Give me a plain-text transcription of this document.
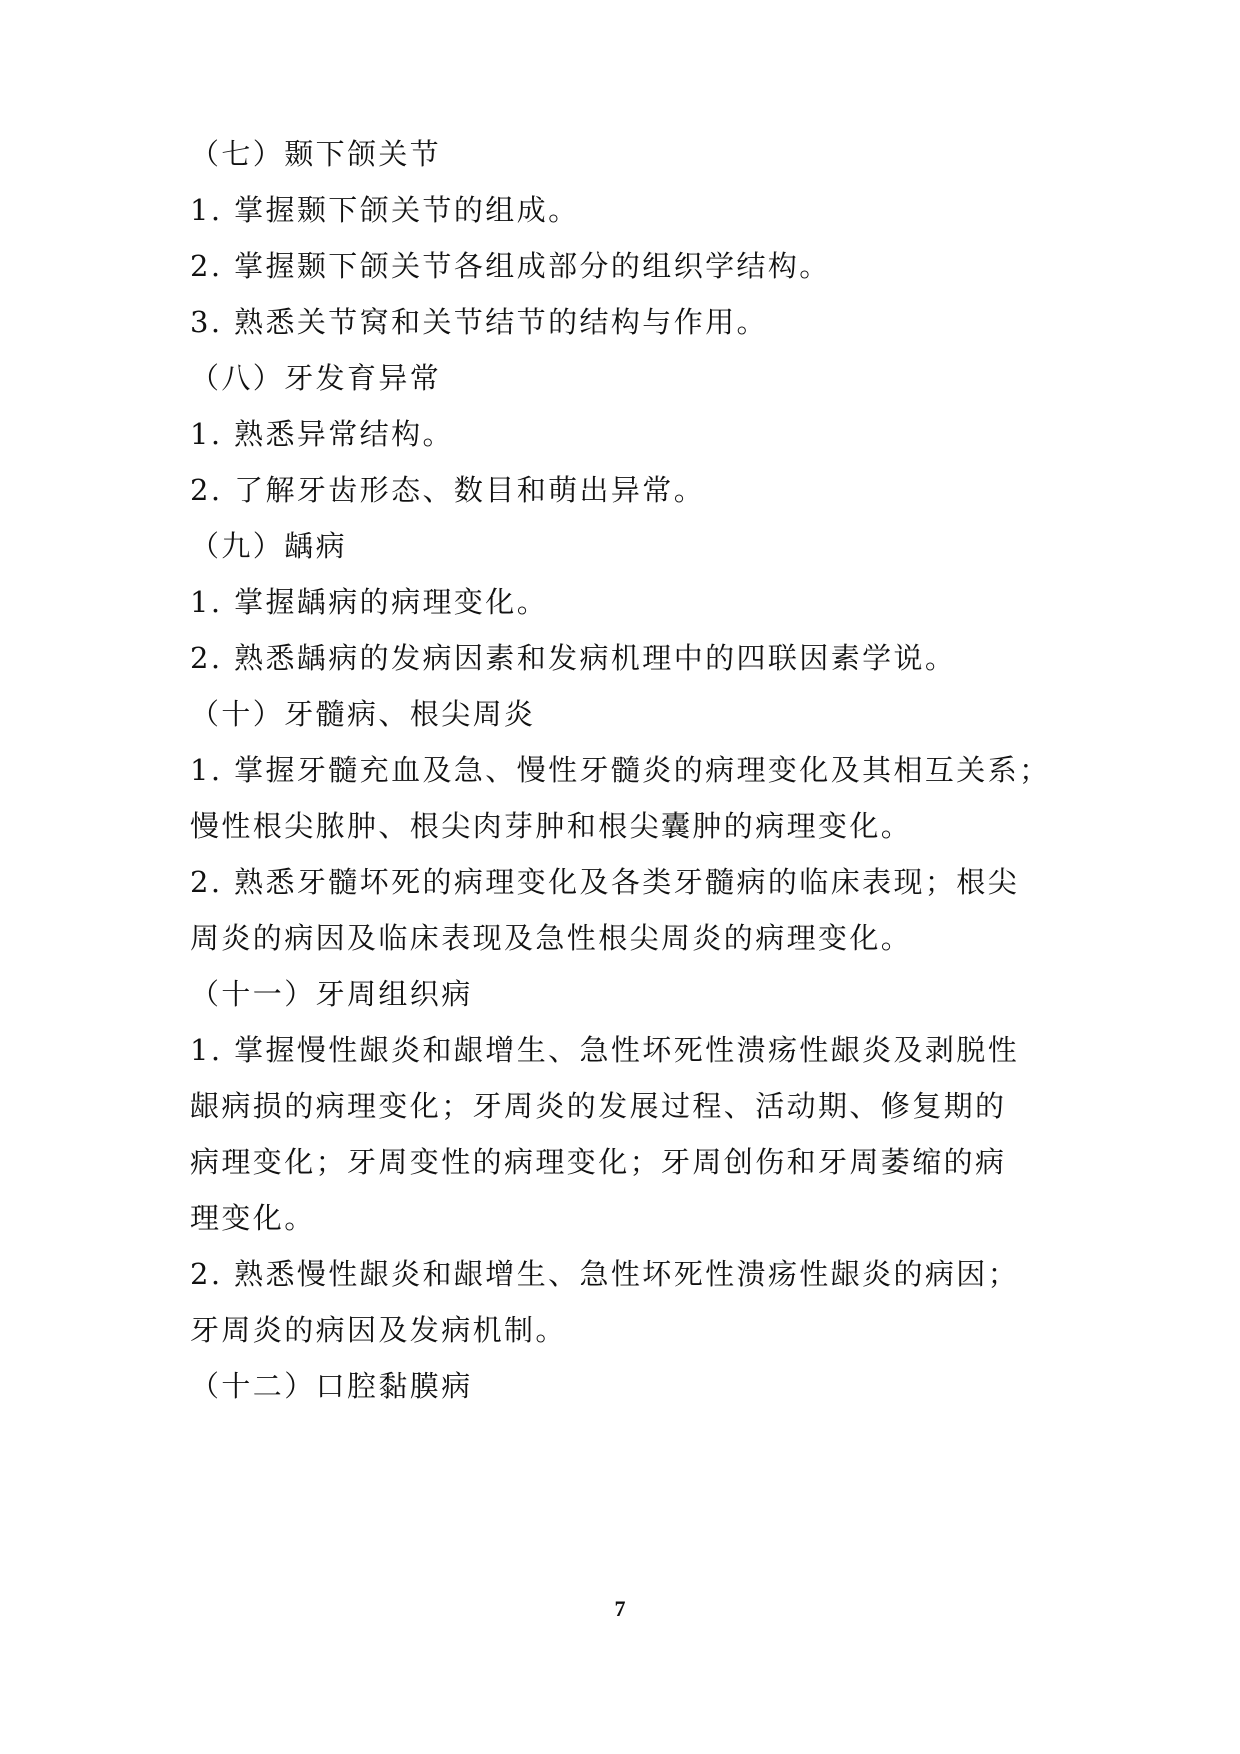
（七）颞下颌关节
1. 掌握颞下颌关节的组成。
2. 掌握颞下颌关节各组成部分的组织学结构。
3. 熟悉关节窝和关节结节的结构与作用。
（八）牙发育异常
1. 熟悉异常结构。
2. 了解牙齿形态、数目和萌出异常。
（九）龋病
1. 掌握龋病的病理变化。
2. 熟悉龋病的发病因素和发病机理中的四联因素学说。
（十）牙髓病、根尖周炎
1. 掌握牙髓充血及急、慢性牙髓炎的病理变化及其相互关系；
慢性根尖脓肿、根尖肉芽肿和根尖囊肿的病理变化。
2. 熟悉牙髓坏死的病理变化及各类牙髓病的临床表现；根尖
周炎的病因及临床表现及急性根尖周炎的病理变化。
（十一）牙周组织病
1. 掌握慢性龈炎和龈增生、急性坏死性溃疡性龈炎及剥脱性
龈病损的病理变化；牙周炎的发展过程、活动期、修复期的
病理变化；牙周变性的病理变化；牙周创伤和牙周萎缩的病
理变化。
2. 熟悉慢性龈炎和龈增生、急性坏死性溃疡性龈炎的病因；
牙周炎的病因及发病机制。
（十二）口腔黏膜病
7
